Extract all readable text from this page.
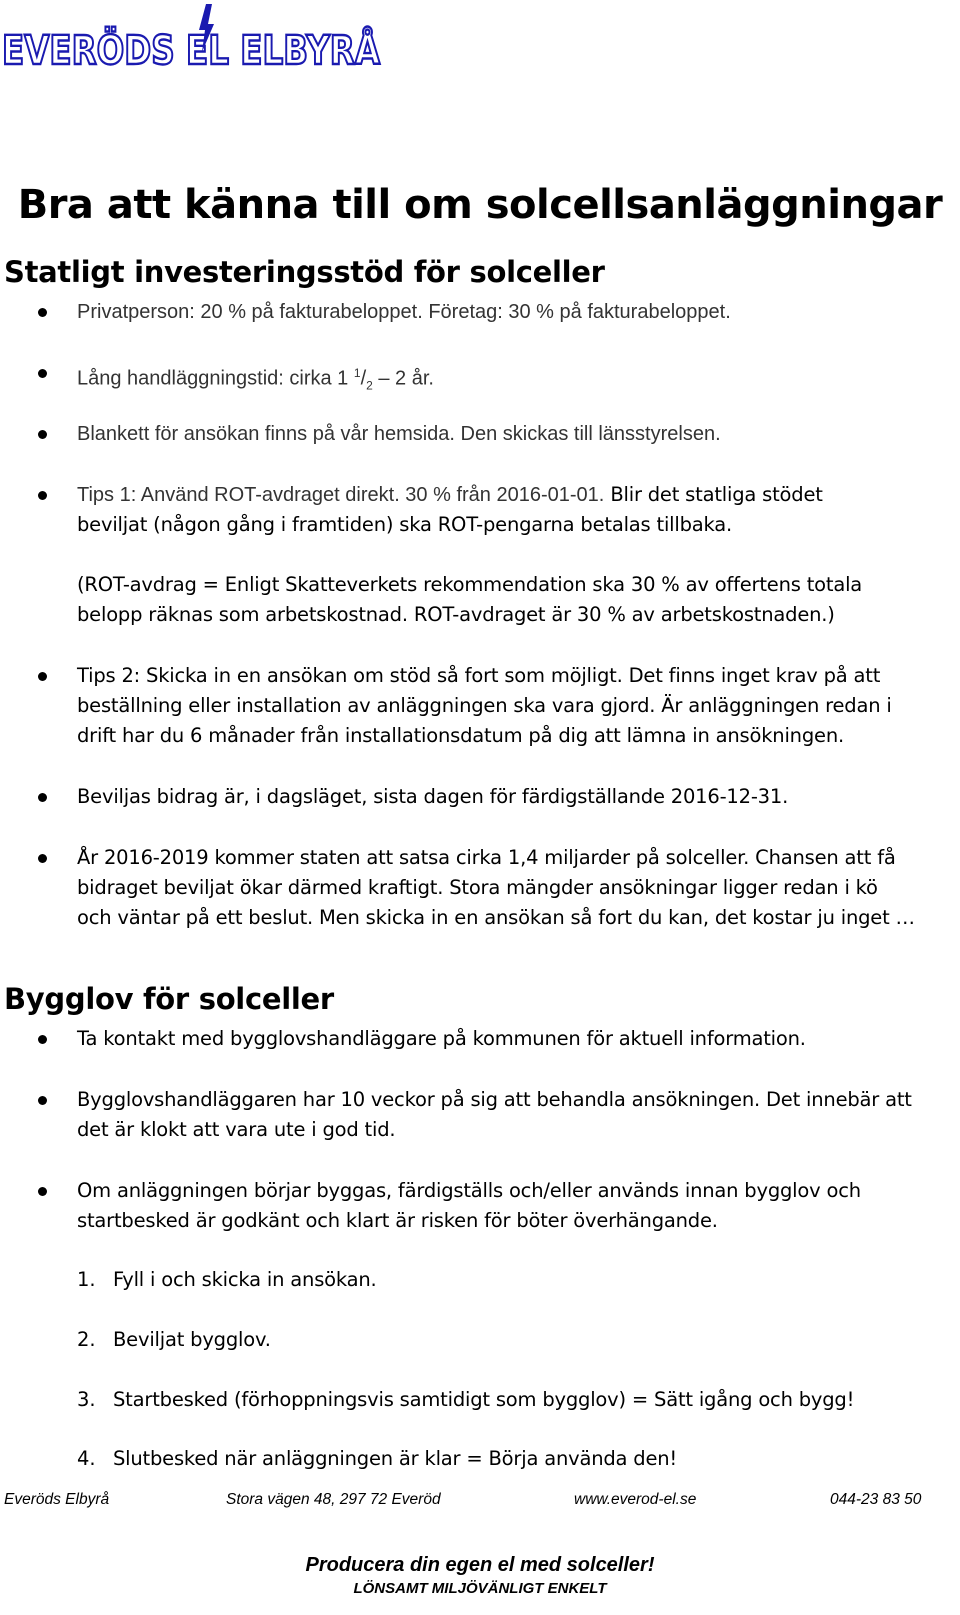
EVERÖDS EL ELBYRÅ
Bra att känna till om solcellsanläggningar
Statligt investeringsstöd för solceller
Privatperson: 20 % på fakturabeloppet. Företag: 30 % på fakturabeloppet.
Lång handläggningstid: cirka 1 $^1/_2 - 2$ år.
Blankett för ansökan finns på vår hemsida. Den skickas till länsstyrelsen.
Tips 1: Använd ROT-avdraget direkt. 30 % från 2016-01-01. Blir det statliga stödet
beviljat (någon gång i framtiden) ska ROT-pengarna betalas tillbaka.
(ROT-avdrag = Enligt Skatteverkets rekommendation ska 30 % av offertens totala
belopp räknas som arbetskostnad. ROT-avdraget är 30 % av arbetskostnaden.)
Tips 2: Skicka in en ansökan om stöd så fort som möjligt. Det finns inget krav på att
beställning eller installation av anläggningen ska vara gjord. Är anläggningen redan i
drift har du 6 månader från installationsdatum på dig att lämna in ansökningen.
Beviljas bidrag är, i dagsläget, sista dagen för färdigställande 2016-12-31.
År 2016-2019 kommer staten att satsa cirka 1,4 miljarder på solceller. Chansen att få
bidraget beviljat ökar därmed kraftigt. Stora mängder ansökningar ligger redan i kö
och väntar på ett beslut. Men skicka in en ansökan så fort du kan, det kostar ju inget …
Bygglov för solceller
Ta kontakt med bygglovshandläggare på kommunen för aktuell information.
Bygglovshandläggaren har 10 veckor på sig att behandla ansökningen. Det innebär att
det är klokt att vara ute i god tid.
Om anläggningen börjar byggas, färdigställs och/eller används innan bygglov och
startbesked är godkänt och klart är risken för böter överhängande.
1. Fyll i och skicka in ansökan.
2. Beviljat bygglov.
3. Startbesked (förhoppningsvis samtidigt som bygglov) = Sätt igång och bygg!
4. Slutbesked när anläggningen är klar = Börja använda den!
Everöds Elbyrå	Stora vägen 48, 297 72 Everöd	www.everod-el.se	044-23 83 50
Producera din egen el med solceller!
LÖNSAMT MILJÖVÄNLIGT ENKELT
